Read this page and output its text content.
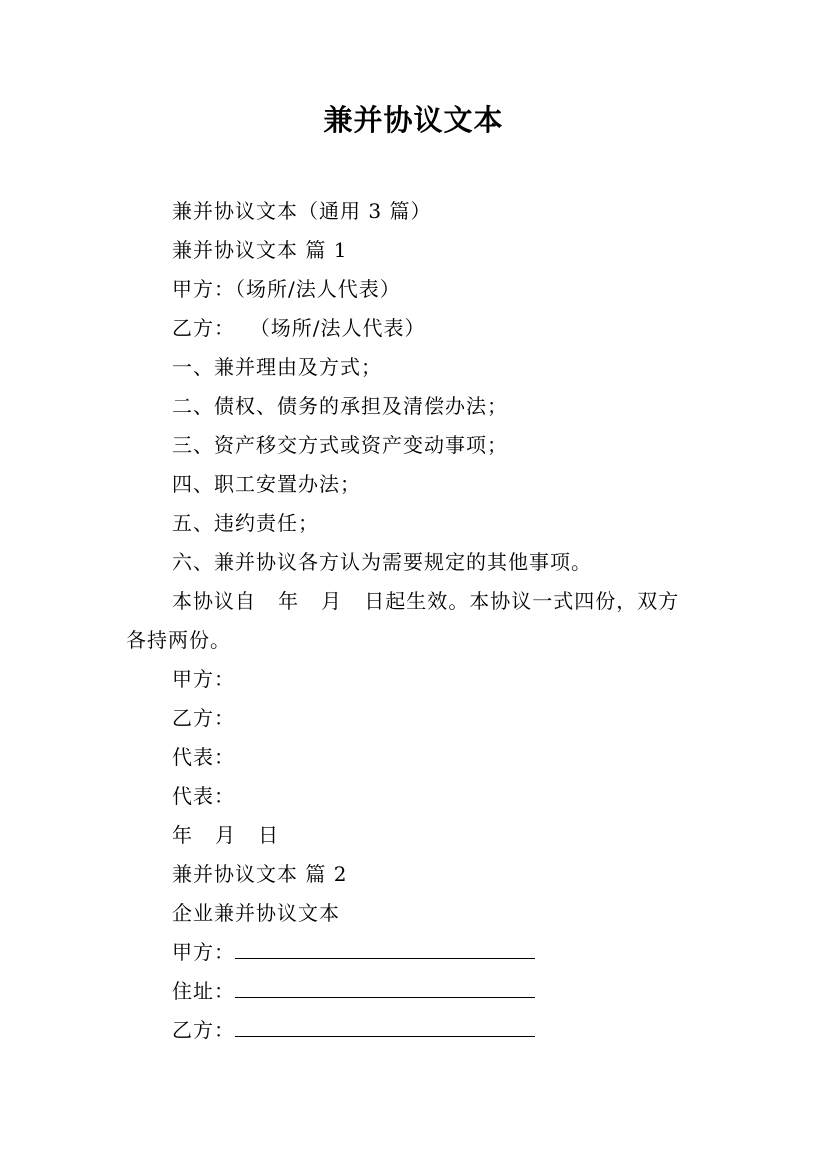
兼并协议文本
兼并协议文本（通用 3 篇）
兼并协议文本 篇 1
甲方：（场所/法人代表）
乙方：  （场所/法人代表）
一、兼并理由及方式；
二、债权、债务的承担及清偿办法；
三、资产移交方式或资产变动事项；
四、职工安置办法；
五、违约责任；
六、兼并协议各方认为需要规定的其他事项。
本协议自   年   月   日起生效。本协议一式四份，双方
各持两份。
甲方：
乙方：
代表：
代表：
年   月   日
兼并协议文本 篇 2
企业兼并协议文本
甲方：
住址：
乙方：
